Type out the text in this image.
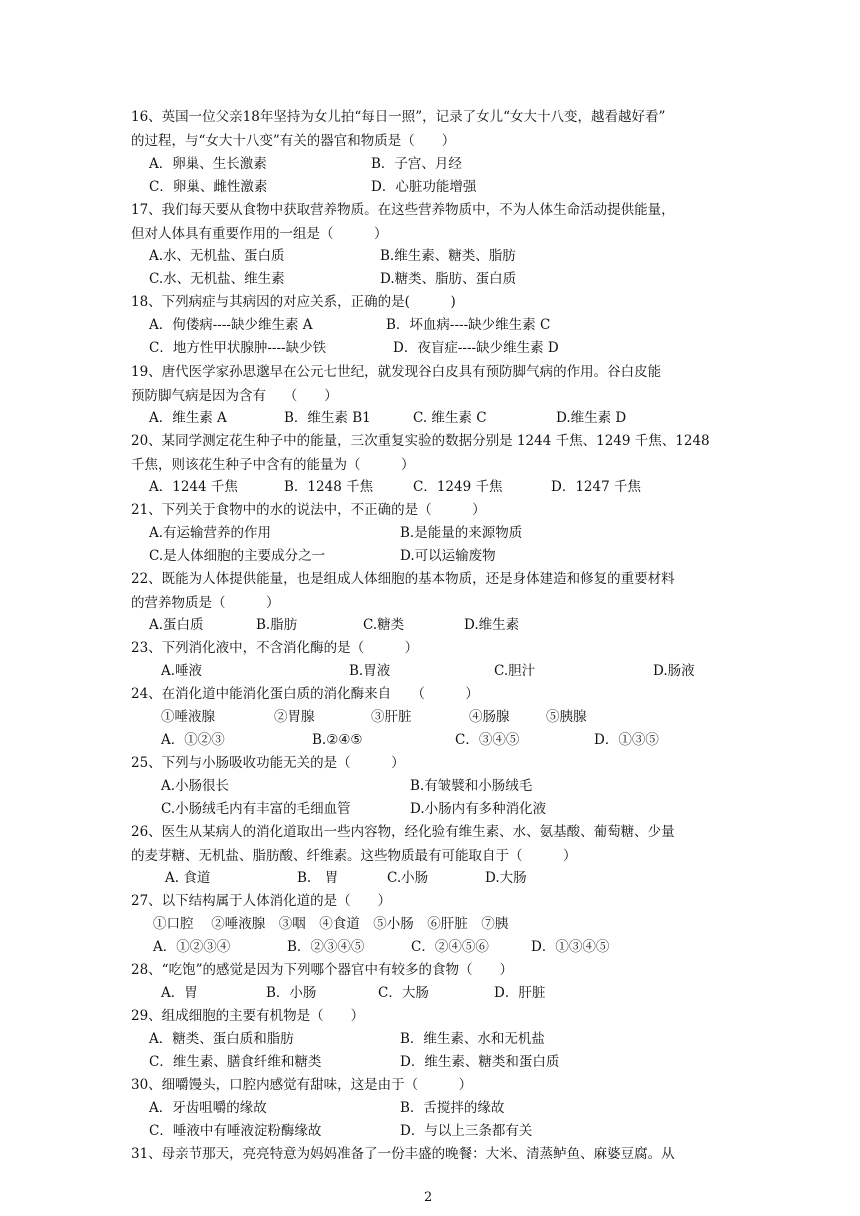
16、英国一位父亲18年坚持为女儿拍“每日一照”，记录了女儿“女大十八变，越看越好看”
的过程，与“女大十八变”有关的器官和物质是（　　）
A．卵巢、生长激素	B．子宫、月经
C．卵巢、雌性激素	D．心脏功能增强
17、我们每天要从食物中获取营养物质。在这些营养物质中，不为人体生命活动提供能量，
但对人体具有重要作用的一组是（　　　）
A.水、无机盐、蛋白质	B.维生素、糖类、脂肪
C.水、无机盐、维生素	D.糖类、脂肪、蛋白质
18、下列病症与其病因的对应关系，正确的是(　　　)
A．佝偻病----缺少维生素 A	B．坏血病----缺少维生素 C
C．地方性甲状腺肿----缺少铁	D．夜盲症----缺少维生素 D
19、唐代医学家孙思邈早在公元七世纪，就发现谷白皮具有预防脚气病的作用。谷白皮能
预防脚气病是因为含有　 （　　）
A．维生素 A	B．维生素 B1	C. 维生素 C	D.维生素 D
20、某同学测定花生种子中的能量，三次重复实验的数据分别是 1244 千焦、1249 千焦、1248
千焦，则该花生种子中含有的能量为（　　　）
A．1244 千焦	B．1248 千焦	C．1249 千焦	D．1247 千焦
21、下列关于食物中的水的说法中，不正确的是（　　　）
A.有运输营养的作用	B.是能量的来源物质
C.是人体细胞的主要成分之一	D.可以运输废物
22、既能为人体提供能量，也是组成人体细胞的基本物质，还是身体建造和修复的重要材料
的营养物质是（　　　）
A.蛋白质	B.脂肪	C.糖类	D.维生素
23、下列消化液中，不含消化酶的是（　　　）
A.唾液	B.胃液	C.胆汁	D.肠液
24、在消化道中能消化蛋白质的消化酶来自　　（　　　）
①唾液腺	②胃腺	③肝脏	④肠腺	⑤胰腺
A．①②③	B.②④⑤	C．③④⑤	D．①③⑤
25、下列与小肠吸收功能无关的是（　　　）
A.小肠很长	B.有皱襞和小肠绒毛
C.小肠绒毛内有丰富的毛细血管	D.小肠内有多种消化液
26、医生从某病人的消化道取出一些内容物，经化验有维生素、水、氨基酸、葡萄糖、少量
的麦芽糖、无机盐、脂肪酸、纤维素。这些物质最有可能取自于（　　　）
A. 食道	B.　胃	C.小肠	D.大肠
27、以下结构属于人体消化道的是（　　）
①口腔　 ②唾液腺　③咽　④食道　⑤小肠　⑥肝脏　⑦胰
A．①②③④	B．②③④⑤	C．②④⑤⑥	D．①③④⑤
28、“吃饱”的感觉是因为下列哪个器官中有较多的食物（　　）
A．胃	B．小肠	C．大肠	D．肝脏
29、组成细胞的主要有机物是（　　）
A．糖类、蛋白质和脂肪	B．维生素、水和无机盐
C．维生素、膳食纤维和糖类	D．维生素、糖类和蛋白质
30、细嚼馒头，口腔内感觉有甜味，这是由于（　　　）
A．牙齿咀嚼的缘故	B．舌搅拌的缘故
C．唾液中有唾液淀粉酶缘故	D．与以上三条都有关
31、母亲节那天，亮亮特意为妈妈准备了一份丰盛的晚餐：大米、清蒸鲈鱼、麻婆豆腐。从
2
